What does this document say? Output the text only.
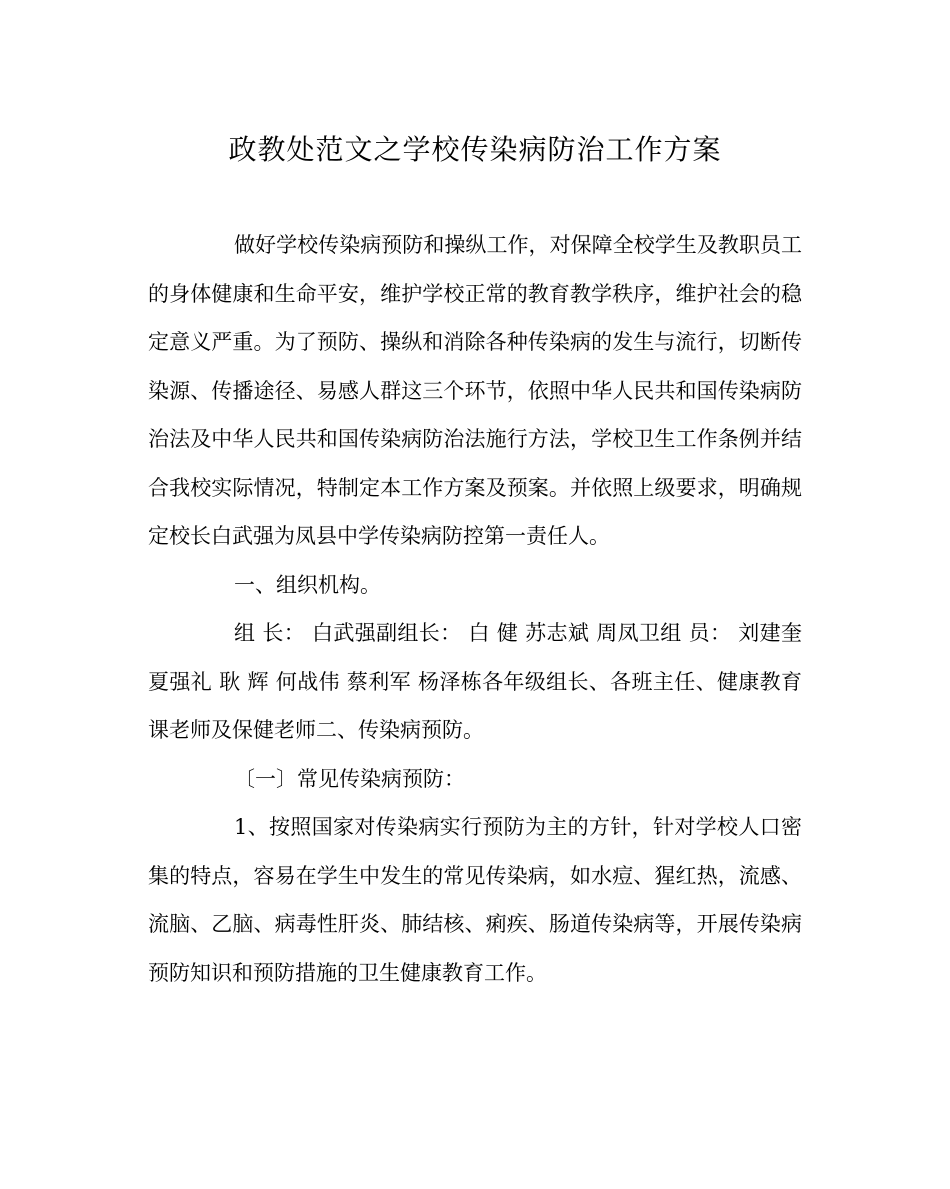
政教处范文之学校传染病防治工作方案

做好学校传染病预防和操纵工作，对保障全校学生及教职员工的身体健康和生命平安，维护学校正常的教育教学秩序，维护社会的稳定意义严重。为了预防、操纵和消除各种传染病的发生与流行，切断传染源、传播途径、易感人群这三个环节，依照中华人民共和国传染病防治法及中华人民共和国传染病防治法施行方法，学校卫生工作条例并结合我校实际情况，特制定本工作方案及预案。并依照上级要求，明确规定校长白武强为凤县中学传染病防控第一责任人。

一、组织机构。

组 长： 白武强副组长： 白 健 苏志斌 周凤卫组 员： 刘建奎 夏强礼 耿 辉 何战伟 蔡利军 杨泽栋各年级组长、各班主任、健康教育课老师及保健老师二、传染病预防。

〔一〕常见传染病预防：

1、按照国家对传染病实行预防为主的方针，针对学校人口密集的特点，容易在学生中发生的常见传染病，如水痘、猩红热，流感、流脑、乙脑、病毒性肝炎、肺结核、痢疾、肠道传染病等，开展传染病预防知识和预防措施的卫生健康教育工作。
